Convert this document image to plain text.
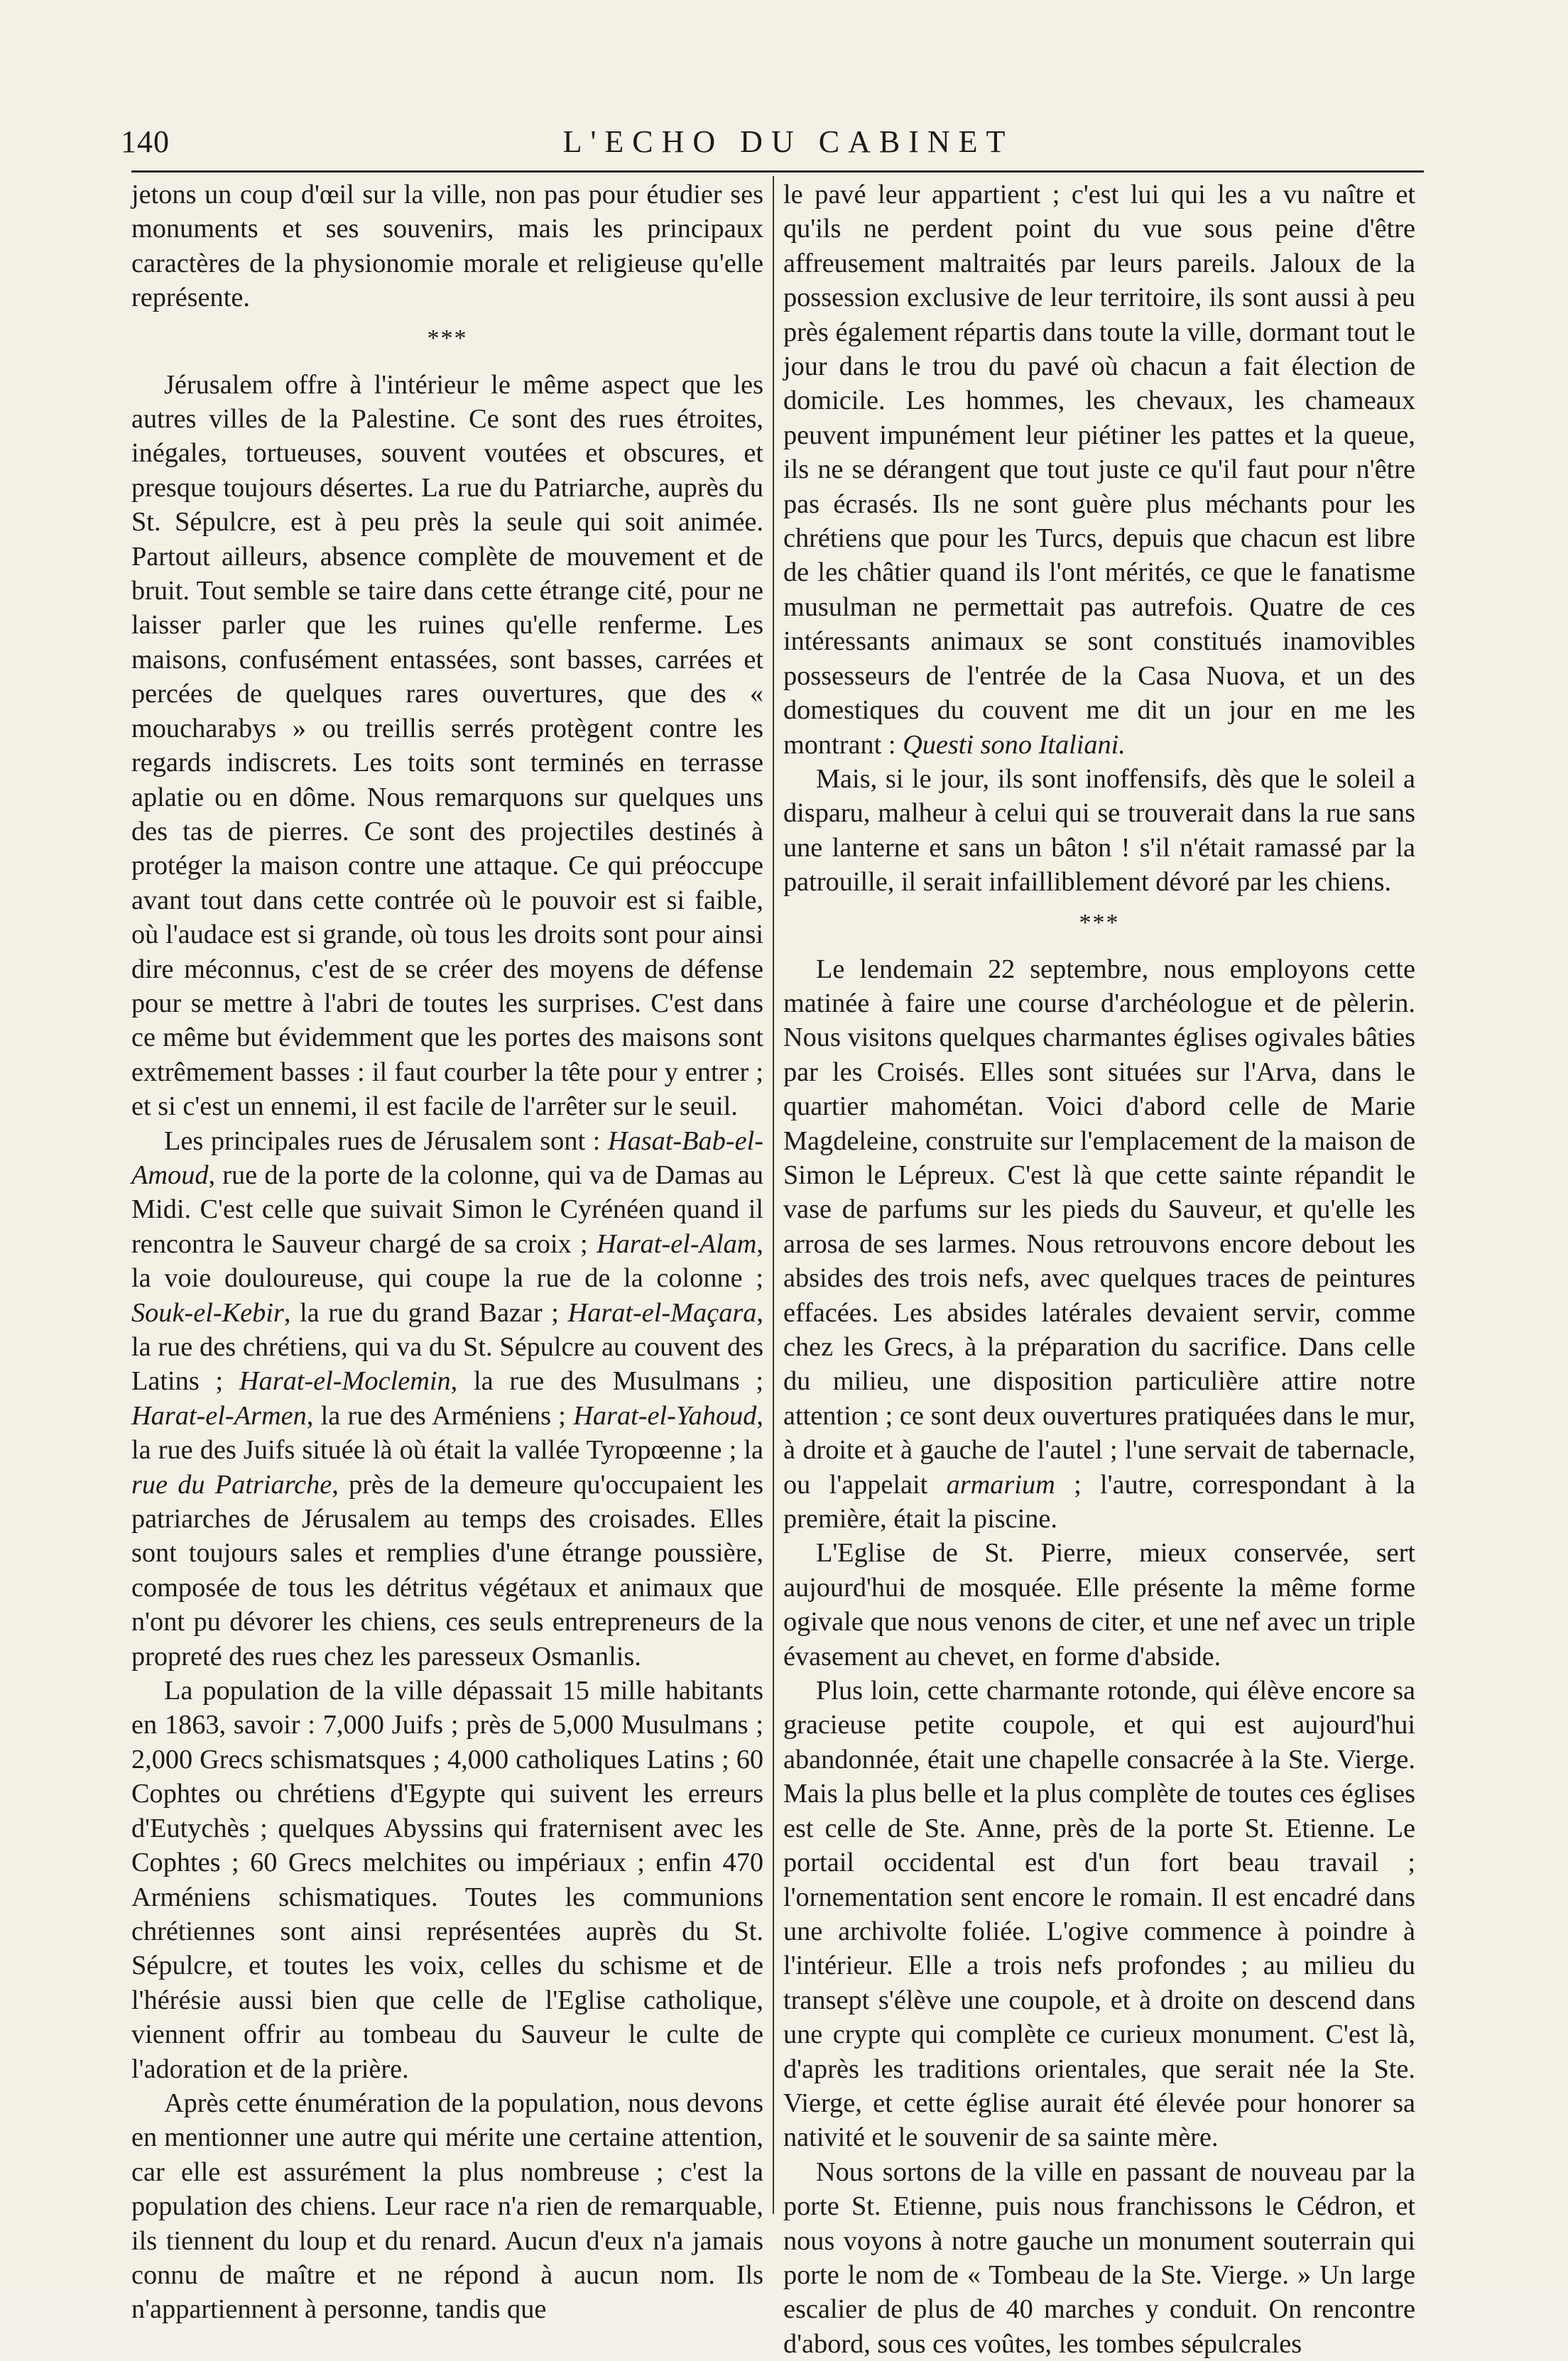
140	L'ECHO DU CABINET

jetons un coup d'œil sur la ville, non pas pour étudier ses monuments et ses souvenirs, mais les principaux caractères de la physionomie morale et religieuse qu'elle représente.

***

Jérusalem offre à l'intérieur le même aspect que les autres villes de la Palestine. Ce sont des rues étroites, inégales, tortueuses, souvent voutées et obscures, et presque toujours désertes. La rue du Patriarche, auprès du St. Sépulcre, est à peu près la seule qui soit animée. Partout ailleurs, absence complète de mouvement et de bruit. Tout semble se taire dans cette étrange cité, pour ne laisser parler que les ruines qu'elle renferme. Les maisons, confusément entassées, sont basses, carrées et percées de quelques rares ouvertures, que des « moucharabys » ou treillis serrés protègent contre les regards indiscrets. Les toits sont terminés en terrasse aplatie ou en dôme. Nous remarquons sur quelques uns des tas de pierres. Ce sont des projectiles destinés à protéger la maison contre une attaque. Ce qui préoccupe avant tout dans cette contrée où le pouvoir est si faible, où l'audace est si grande, où tous les droits sont pour ainsi dire méconnus, c'est de se créer des moyens de défense pour se mettre à l'abri de toutes les surprises. C'est dans ce même but évidemment que les portes des maisons sont extrêmement basses : il faut courber la tête pour y entrer ; et si c'est un ennemi, il est facile de l'arrêter sur le seuil.

Les principales rues de Jérusalem sont : Hasat-Bab-el-Amoud, rue de la porte de la colonne, qui va de Damas au Midi. C'est celle que suivait Simon le Cyrénéen quand il rencontra le Sauveur chargé de sa croix ; Harat-el-Alam, la voie douloureuse, qui coupe la rue de la colonne ; Souk-el-Kebir, la rue du grand Bazar ; Harat-el-Maçara, la rue des chrétiens, qui va du St. Sépulcre au couvent des Latins ; Harat-el-Moclemin, la rue des Musulmans ; Harat-el-Armen, la rue des Arméniens ; Harat-el-Yahoud, la rue des Juifs située là où était la vallée Tyropœenne ; la rue du Patriarche, près de la demeure qu'occupaient les patriarches de Jérusalem au temps des croisades. Elles sont toujours sales et remplies d'une étrange poussière, composée de tous les détritus végétaux et animaux que n'ont pu dévorer les chiens, ces seuls entrepreneurs de la propreté des rues chez les paresseux Osmanlis.

La population de la ville dépassait 15 mille habitants en 1863, savoir : 7,000 Juifs ; près de 5,000 Musulmans ; 2,000 Grecs schismatsques ; 4,000 catholiques Latins ; 60 Cophtes ou chrétiens d'Egypte qui suivent les erreurs d'Eutychès ; quelques Abyssins qui fraternisent avec les Cophtes ; 60 Grecs melchites ou impériaux ; enfin 470 Arméniens schismatiques. Toutes les communions chrétiennes sont ainsi représentées auprès du St. Sépulcre, et toutes les voix, celles du schisme et de l'hérésie aussi bien que celle de l'Eglise catholique, viennent offrir au tombeau du Sauveur le culte de l'adoration et de la prière.

Après cette énumération de la population, nous devons en mentionner une autre qui mérite une certaine attention, car elle est assurément la plus nombreuse ; c'est la population des chiens. Leur race n'a rien de remarquable, ils tiennent du loup et du renard. Aucun d'eux n'a jamais connu de maître et ne répond à aucun nom. Ils n'appartiennent à personne, tandis que

le pavé leur appartient ; c'est lui qui les a vu naître et qu'ils ne perdent point du vue sous peine d'être affreusement maltraités par leurs pareils. Jaloux de la possession exclusive de leur territoire, ils sont aussi à peu près également répartis dans toute la ville, dormant tout le jour dans le trou du pavé où chacun a fait élection de domicile. Les hommes, les chevaux, les chameaux peuvent impunément leur piétiner les pattes et la queue, ils ne se dérangent que tout juste ce qu'il faut pour n'être pas écrasés. Ils ne sont guère plus méchants pour les chrétiens que pour les Turcs, depuis que chacun est libre de les châtier quand ils l'ont mérités, ce que le fanatisme musulman ne permettait pas autrefois. Quatre de ces intéressants animaux se sont constitués inamovibles possesseurs de l'entrée de la Casa Nuova, et un des domestiques du couvent me dit un jour en me les montrant : Questi sono Italiani.

Mais, si le jour, ils sont inoffensifs, dès que le soleil a disparu, malheur à celui qui se trouverait dans la rue sans une lanterne et sans un bâton ! s'il n'était ramassé par la patrouille, il serait infailliblement dévoré par les chiens.

***

Le lendemain 22 septembre, nous employons cette matinée à faire une course d'archéologue et de pèlerin. Nous visitons quelques charmantes églises ogivales bâties par les Croisés. Elles sont situées sur l'Arva, dans le quartier mahométan. Voici d'abord celle de Marie Magdeleine, construite sur l'emplacement de la maison de Simon le Lépreux. C'est là que cette sainte répandit le vase de parfums sur les pieds du Sauveur, et qu'elle les arrosa de ses larmes. Nous retrouvons encore debout les absides des trois nefs, avec quelques traces de peintures effacées. Les absides latérales devaient servir, comme chez les Grecs, à la préparation du sacrifice. Dans celle du milieu, une disposition particulière attire notre attention ; ce sont deux ouvertures pratiquées dans le mur, à droite et à gauche de l'autel ; l'une servait de tabernacle, ou l'appelait armarium ; l'autre, correspondant à la première, était la piscine.

L'Eglise de St. Pierre, mieux conservée, sert aujourd'hui de mosquée. Elle présente la même forme ogivale que nous venons de citer, et une nef avec un triple évasement au chevet, en forme d'abside.

Plus loin, cette charmante rotonde, qui élève encore sa gracieuse petite coupole, et qui est aujourd'hui abandonnée, était une chapelle consacrée à la Ste. Vierge. Mais la plus belle et la plus complète de toutes ces églises est celle de Ste. Anne, près de la porte St. Etienne. Le portail occidental est d'un fort beau travail ; l'ornementation sent encore le romain. Il est encadré dans une archivolte foliée. L'ogive commence à poindre à l'intérieur. Elle a trois nefs profondes ; au milieu du transept s'élève une coupole, et à droite on descend dans une crypte qui complète ce curieux monument. C'est là, d'après les traditions orientales, que serait née la Ste. Vierge, et cette église aurait été élevée pour honorer sa nativité et le souvenir de sa sainte mère.

Nous sortons de la ville en passant de nouveau par la porte St. Etienne, puis nous franchissons le Cédron, et nous voyons à notre gauche un monument souterrain qui porte le nom de « Tombeau de la Ste. Vierge. » Un large escalier de plus de 40 marches y conduit. On rencontre d'abord, sous ces voûtes, les tombes sépulcrales
